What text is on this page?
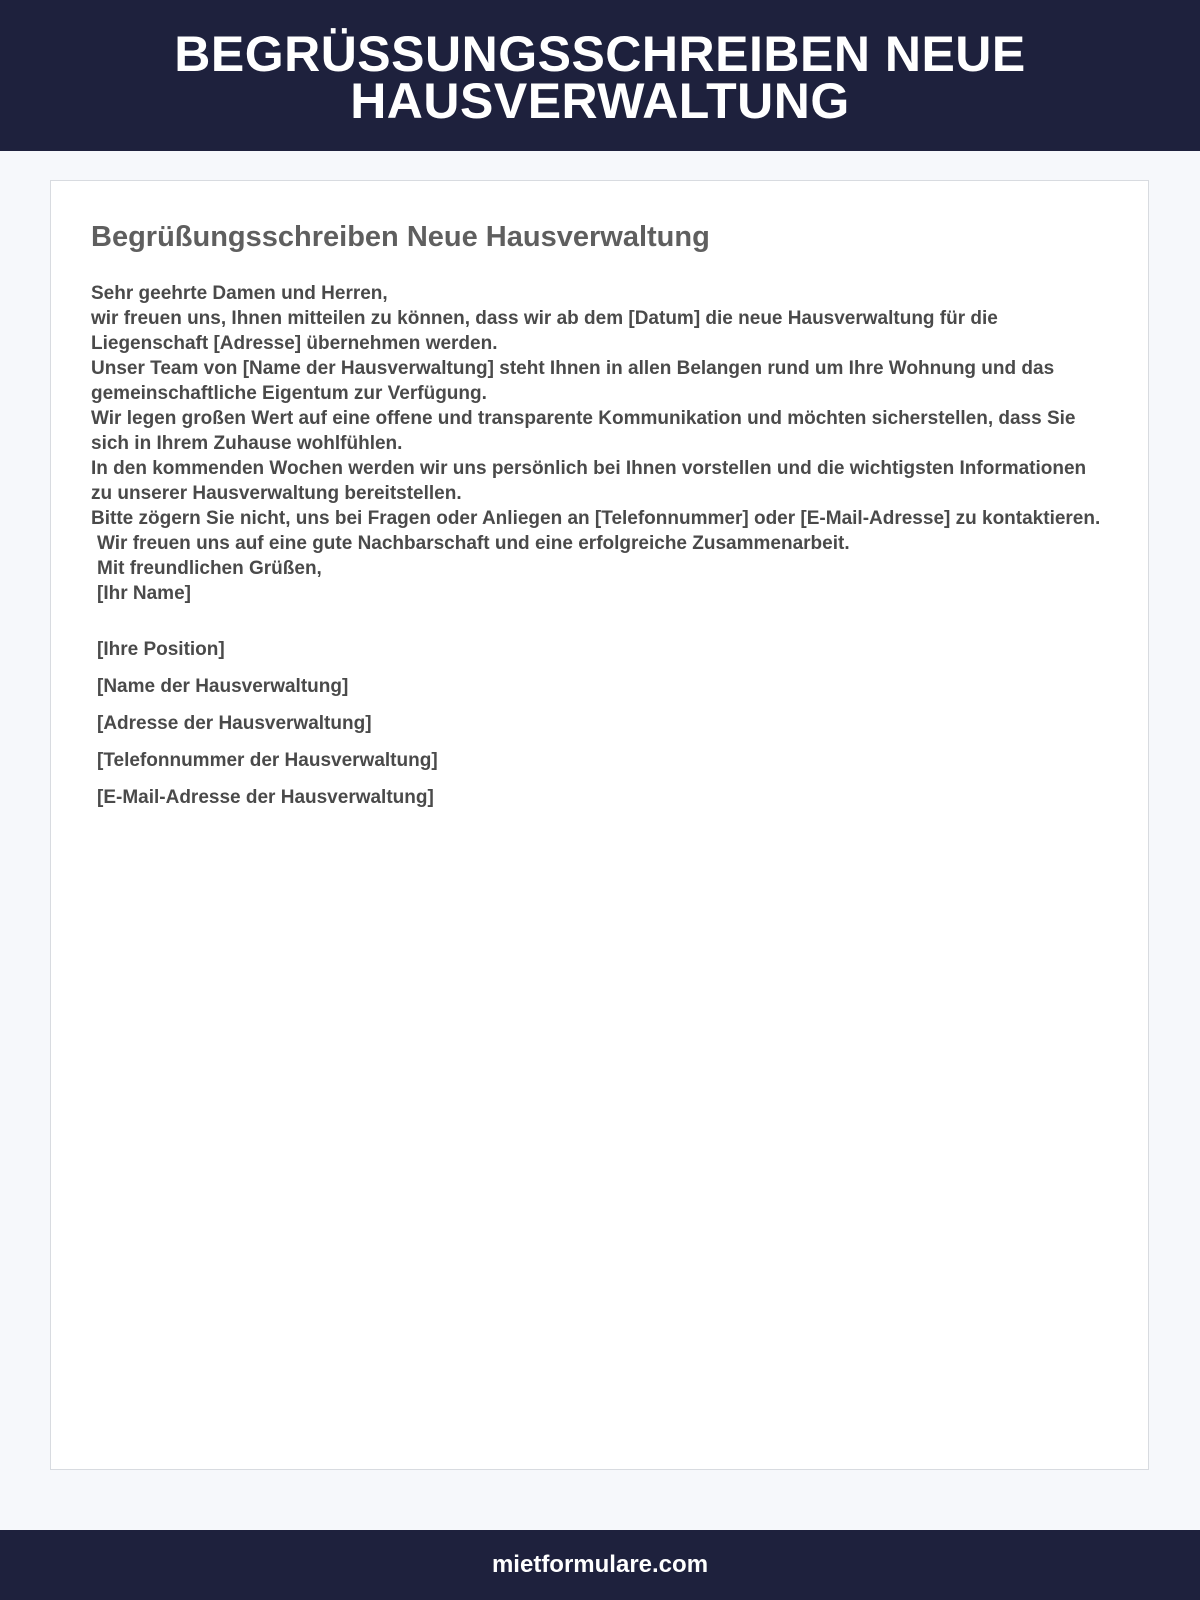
BEGRÜSSUNGSSCHREIBEN NEUE HAUSVERWALTUNG
Begrüßungsschreiben Neue Hausverwaltung

Sehr geehrte Damen und Herren,

wir freuen uns, Ihnen mitteilen zu können, dass wir ab dem [Datum] die neue Hausverwaltung für die Liegenschaft [Adresse] übernehmen werden.

Unser Team von [Name der Hausverwaltung] steht Ihnen in allen Belangen rund um Ihre Wohnung und das gemeinschaftliche Eigentum zur Verfügung.

Wir legen großen Wert auf eine offene und transparente Kommunikation und möchten sicherstellen, dass Sie sich in Ihrem Zuhause wohlfühlen.

In den kommenden Wochen werden wir uns persönlich bei Ihnen vorstellen und die wichtigsten Informationen zu unserer Hausverwaltung bereitstellen.

Bitte zögern Sie nicht, uns bei Fragen oder Anliegen an [Telefonnummer] oder [E-Mail-Adresse] zu kontaktieren.

Wir freuen uns auf eine gute Nachbarschaft und eine erfolgreiche Zusammenarbeit.

Mit freundlichen Grüßen,

[Ihr Name]

[Ihre Position]

[Name der Hausverwaltung]

[Adresse der Hausverwaltung]

[Telefonnummer der Hausverwaltung]

[E-Mail-Adresse der Hausverwaltung]

mietformulare.com
